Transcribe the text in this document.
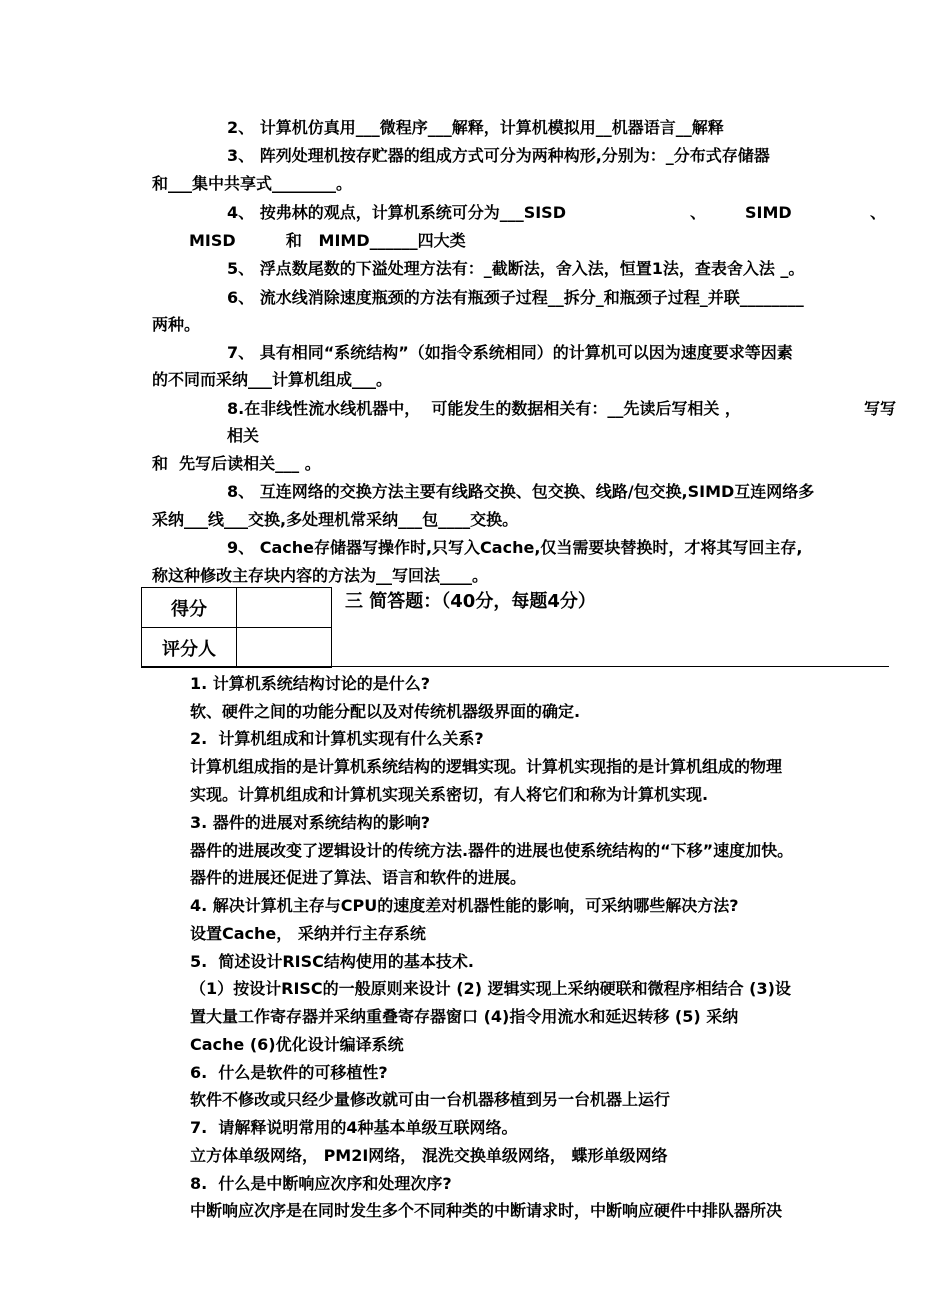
2、 计算机仿真用___微程序___解释，计算机模拟用__机器语言__解释
3、 阵列处理机按存贮器的组成方式可分为两种构形,分别为：_分布式存储器
和___集中共享式________。
4、 按弗林的观点，计算机系统可分为___SISD	、 SIMD	、
MISD         和   MIMD______四大类
5、 浮点数尾数的下溢处理方法有：_截断法，舍入法，恒置1法，查表舍入法 _。
6、 流水线消除速度瓶颈的方法有瓶颈子过程__拆分_和瓶颈子过程_并联________
两种。
7、 具有相同“系统结构”（如指令系统相同）的计算机可以因为速度要求等因素
的不同而采纳___计算机组成___。
8.在非线性流水线机器中，  可能发生的数据相关有：__先读后写相关 ，	写写
相关
和  先写后读相关___ 。
8、 互连网络的交换方法主要有线路交换、包交换、线路/包交换,SIMD互连网络多
采纳___线___交换,多处理机常采纳___包____交换。
9、 Cache存储器写操作时,只写入Cache,仅当需要块替换时，才将其写回主存,
称这种修改主存块内容的方法为__写回法____。
得分	
评分人	
三 简答题：（40分，每题4分）
1. 计算机系统结构讨论的是什么?
软、硬件之间的功能分配以及对传统机器级界面的确定.
2.  计算机组成和计算机实现有什么关系?
计算机组成指的是计算机系统结构的逻辑实现。计算机实现指的是计算机组成的物理
实现。计算机组成和计算机实现关系密切，有人将它们和称为计算机实现.
3. 器件的进展对系统结构的影响?
器件的进展改变了逻辑设计的传统方法.器件的进展也使系统结构的“下移”速度加快。
器件的进展还促进了算法、语言和软件的进展。
4. 解决计算机主存与CPU的速度差对机器性能的影响，可采纳哪些解决方法?
设置Cache， 采纳并行主存系统
5.  简述设计RISC结构使用的基本技术.
（1）按设计RISC的一般原则来设计 (2) 逻辑实现上采纳硬联和微程序相结合 (3)设
置大量工作寄存器并采纳重叠寄存器窗口 (4)指令用流水和延迟转移 (5) 采纳
Cache (6)优化设计编译系统
6.  什么是软件的可移植性?
软件不修改或只经少量修改就可由一台机器移植到另一台机器上运行
7.  请解释说明常用的4种基本单级互联网络。
立方体单级网络， PM2I网络， 混洗交换单级网络， 蝶形单级网络
8.  什么是中断响应次序和处理次序?
中断响应次序是在同时发生多个不同种类的中断请求时，中断响应硬件中排队器所决
